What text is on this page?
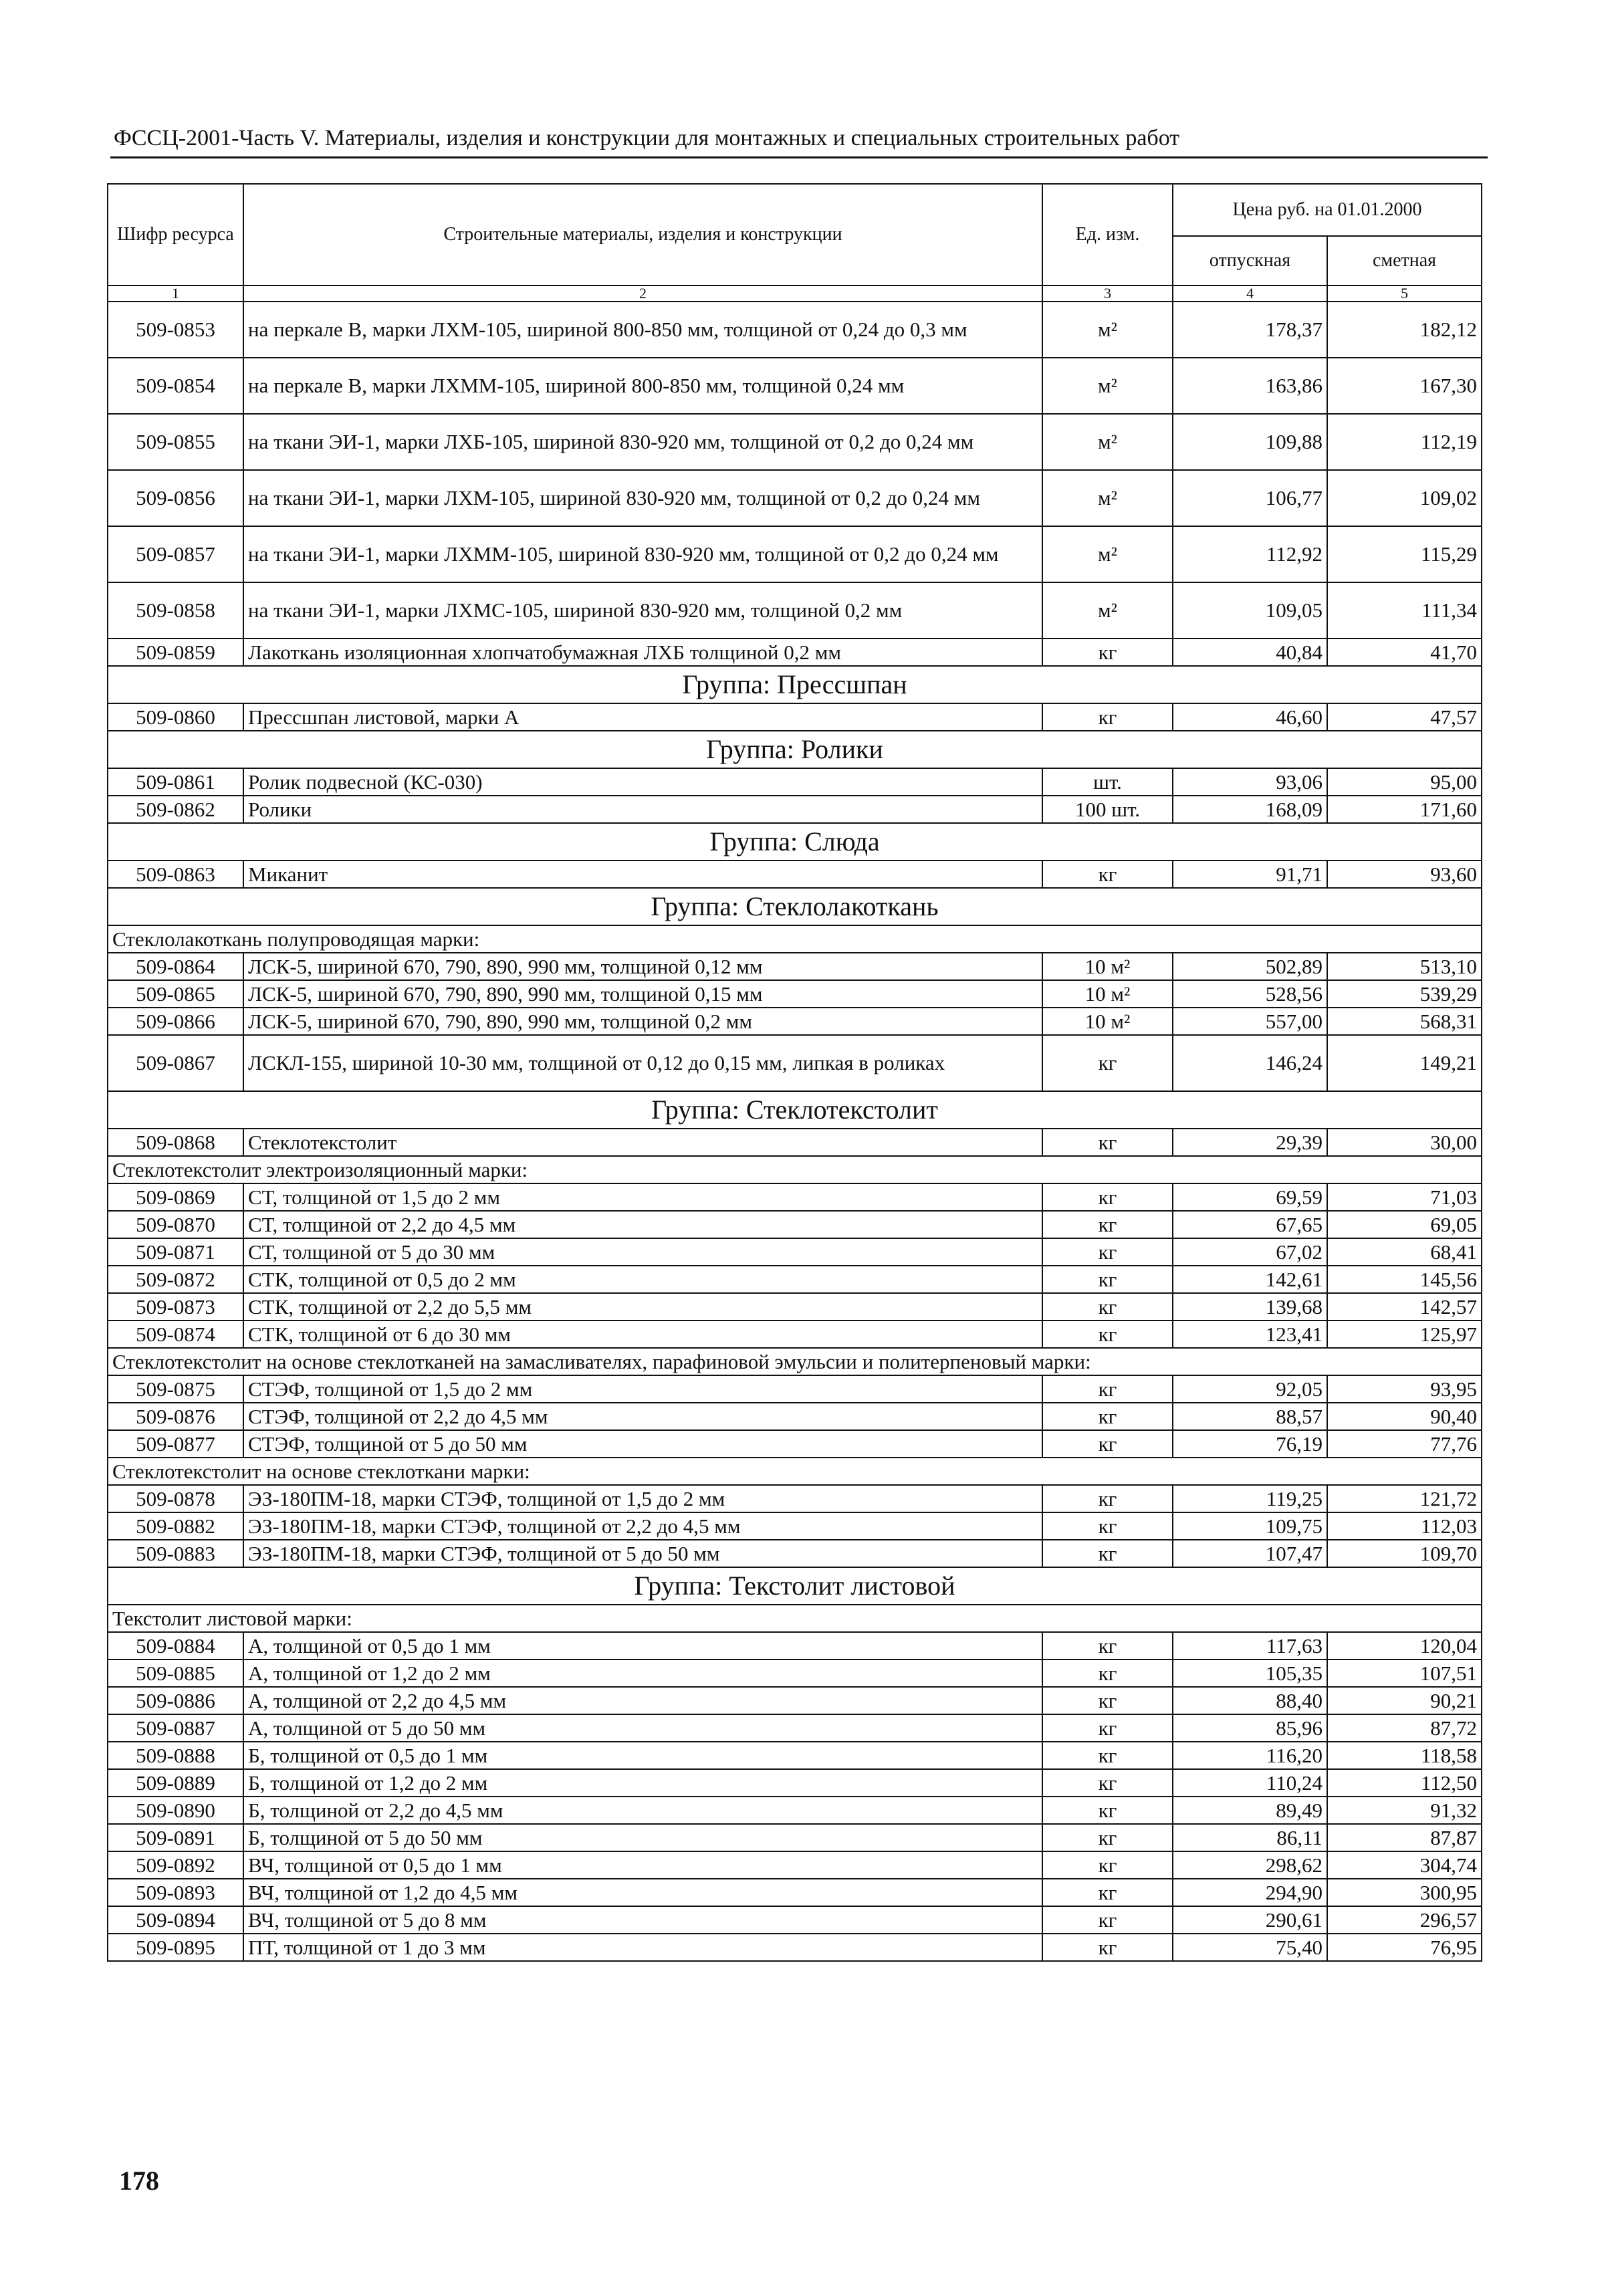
ФССЦ-2001-Часть V. Материалы, изделия и конструкции для монтажных и специальных строительных работ
Шифр ресурса	Строительные материалы, изделия и конструкции	Ед. изм.	Цена руб. на 01.01.2000	
			отпускная	сметная
1	2	3	4	5
509-0853	на перкале В, марки ЛХМ-105, шириной 800-850 мм, толщиной от 0,24 до 0,3 мм	м²	178,37	182,12
509-0854	на перкале В, марки ЛХММ-105, шириной 800-850 мм, толщиной 0,24 мм	м²	163,86	167,30
509-0855	на ткани ЭИ-1, марки ЛХБ-105, шириной 830-920 мм, толщиной от 0,2 до 0,24 мм	м²	109,88	112,19
509-0856	на ткани ЭИ-1, марки ЛХМ-105, шириной 830-920 мм, толщиной от 0,2 до 0,24 мм	м²	106,77	109,02
509-0857	на ткани ЭИ-1, марки ЛХММ-105, шириной 830-920 мм, толщиной от 0,2 до 0,24 мм	м²	112,92	115,29
509-0858	на ткани ЭИ-1, марки ЛХМС-105, шириной 830-920 мм, толщиной 0,2 мм	м²	109,05	111,34
509-0859	Лакоткань изоляционная хлопчатобумажная ЛХБ толщиной 0,2 мм	кг	40,84	41,70
Группа: Прессшпан				
509-0860	Прессшпан листовой, марки А	кг	46,60	47,57
Группа: Ролики				
509-0861	Ролик подвесной (КС-030)	шт.	93,06	95,00
509-0862	Ролики	100 шт.	168,09	171,60
Группа: Слюда				
509-0863	Миканит	кг	91,71	93,60
Группа: Стеклолакоткань				
Стеклолакоткань полупроводящая марки:				
509-0864	ЛСК-5, шириной 670, 790, 890, 990 мм, толщиной 0,12 мм	10 м²	502,89	513,10
509-0865	ЛСК-5, шириной 670, 790, 890, 990 мм, толщиной 0,15 мм	10 м²	528,56	539,29
509-0866	ЛСК-5, шириной 670, 790, 890, 990 мм, толщиной 0,2 мм	10 м²	557,00	568,31
509-0867	ЛСКЛ-155, шириной 10-30 мм, толщиной от 0,12 до 0,15 мм, липкая в роликах	кг	146,24	149,21
Группа: Стеклотекстолит				
509-0868	Стеклотекстолит	кг	29,39	30,00
Стеклотекстолит электроизоляционный марки:				
509-0869	СТ, толщиной от 1,5 до 2 мм	кг	69,59	71,03
509-0870	СТ, толщиной от 2,2 до 4,5 мм	кг	67,65	69,05
509-0871	СТ, толщиной от 5 до 30 мм	кг	67,02	68,41
509-0872	СТК, толщиной от 0,5 до 2 мм	кг	142,61	145,56
509-0873	СТК, толщиной от 2,2 до 5,5 мм	кг	139,68	142,57
509-0874	СТК, толщиной от 6 до 30 мм	кг	123,41	125,97
Стеклотекстолит на основе стеклотканей на замасливателях, парафиновой эмульсии и политерпеновый марки:				
509-0875	СТЭФ, толщиной от 1,5 до 2 мм	кг	92,05	93,95
509-0876	СТЭФ, толщиной от 2,2 до 4,5 мм	кг	88,57	90,40
509-0877	СТЭФ, толщиной от 5 до 50 мм	кг	76,19	77,76
Стеклотекстолит на основе стеклоткани марки:				
509-0878	ЭЗ-180ПМ-18, марки СТЭФ, толщиной от 1,5 до 2 мм	кг	119,25	121,72
509-0882	ЭЗ-180ПМ-18, марки СТЭФ, толщиной от 2,2 до 4,5 мм	кг	109,75	112,03
509-0883	ЭЗ-180ПМ-18, марки СТЭФ, толщиной от 5 до 50 мм	кг	107,47	109,70
Группа: Текстолит листовой				
Текстолит листовой марки:				
509-0884	А, толщиной от 0,5 до 1 мм	кг	117,63	120,04
509-0885	А, толщиной от 1,2 до 2 мм	кг	105,35	107,51
509-0886	А, толщиной от 2,2 до 4,5 мм	кг	88,40	90,21
509-0887	А, толщиной от 5 до 50 мм	кг	85,96	87,72
509-0888	Б, толщиной от 0,5 до 1 мм	кг	116,20	118,58
509-0889	Б, толщиной от 1,2 до 2 мм	кг	110,24	112,50
509-0890	Б, толщиной от 2,2 до 4,5 мм	кг	89,49	91,32
509-0891	Б, толщиной от 5 до 50 мм	кг	86,11	87,87
509-0892	ВЧ, толщиной от 0,5 до 1 мм	кг	298,62	304,74
509-0893	ВЧ, толщиной от 1,2 до 4,5 мм	кг	294,90	300,95
509-0894	ВЧ, толщиной от 5 до 8 мм	кг	290,61	296,57
509-0895	ПТ, толщиной от 1 до 3 мм	кг	75,40	76,95
178
